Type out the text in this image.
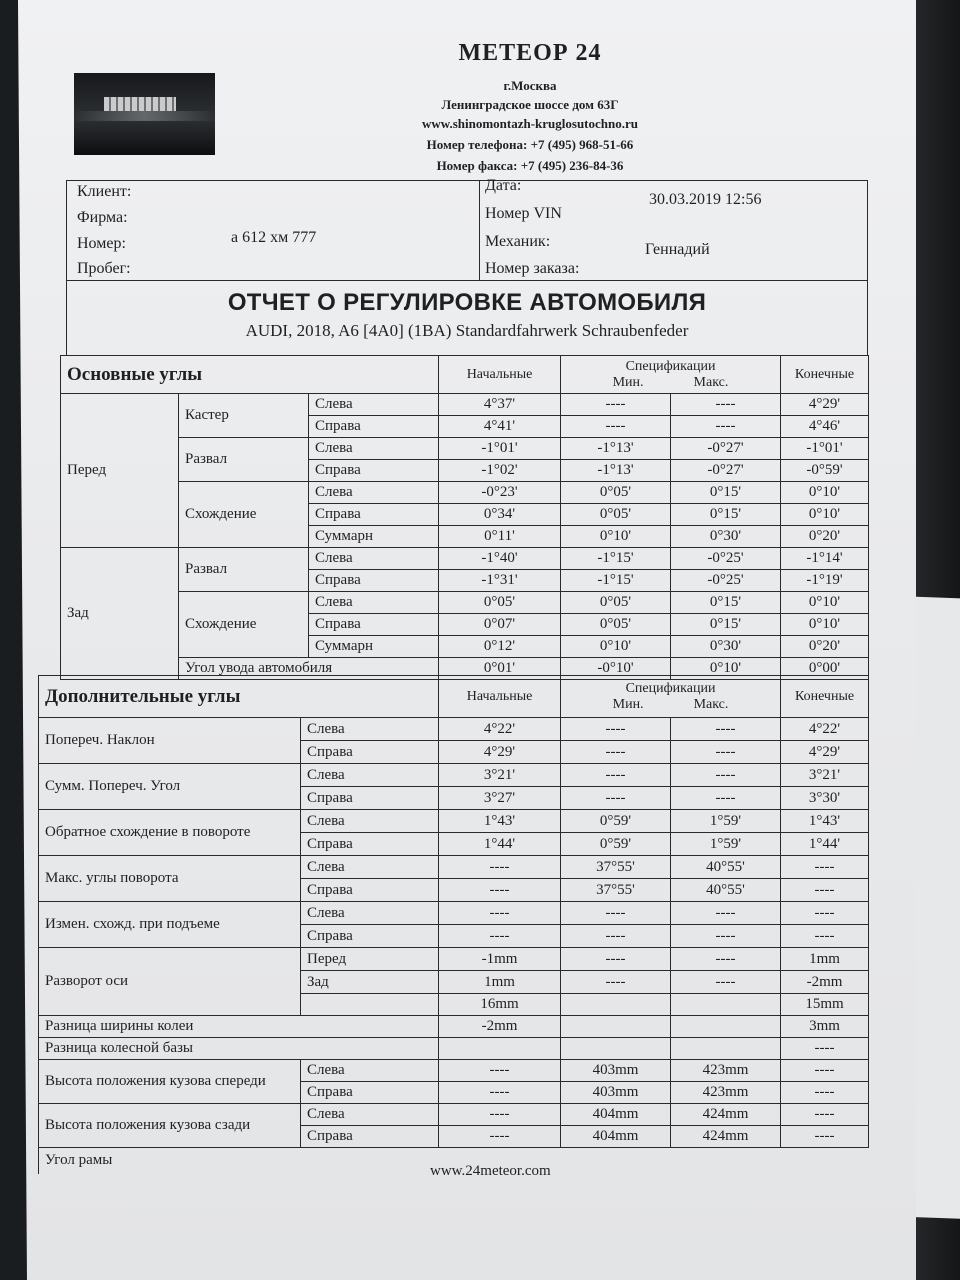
МЕТЕОР 24
г.Москва
Ленинградское шоссе дом 63Г
www.shinomontazh-kruglosutochno.ru
Номер телефона: +7 (495) 968-51-66
Номер факса: +7 (495) 236-84-36
Клиент:
Фирма:
Номер:	а 612 хм 777
Пробег:
Дата:
30.03.2019 12:56
Номер VIN
Механик:	Геннадий
Номер заказа:
ОТЧЕТ О РЕГУЛИРОВКЕ АВТОМОБИЛЯ
AUDI, 2018, A6 [4A0] (1BA) Standardfahrwerk Schraubenfeder
Основные углы			Начальные	Спецификации
Мин. Макс.		Конечные
Перед	Кастер	Слева	4°37'	----	----	4°29'
		Справа	4°41'	----	----	4°46'
	Развал	Слева	-1°01'	-1°13'	-0°27'	-1°01'
		Справа	-1°02'	-1°13'	-0°27'	-0°59'
	Схождение	Слева	-0°23'	0°05'	0°15'	0°10'
		Справа	0°34'	0°05'	0°15'	0°10'
		Суммарн	0°11'	0°10'	0°30'	0°20'
Зад	Развал	Слева	-1°40'	-1°15'	-0°25'	-1°14'
		Справа	-1°31'	-1°15'	-0°25'	-1°19'
	Схождение	Слева	0°05'	0°05'	0°15'	0°10'
		Справа	0°07'	0°05'	0°15'	0°10'
		Суммарн	0°12'	0°10'	0°30'	0°20'
	Угол увода автомобиля		0°01'	-0°10'	0°10'	0°00'
Дополнительные углы		Начальные	Спецификации
Мин. Макс.		Конечные
Попереч. Наклон	Слева	4°22'	----	----	4°22'
	Справа	4°29'	----	----	4°29'
Сумм. Попереч. Угол	Слева	3°21'	----	----	3°21'
	Справа	3°27'	----	----	3°30'
Обратное схождение в повороте	Слева	1°43'	0°59'	1°59'	1°43'
	Справа	1°44'	0°59'	1°59'	1°44'
Макс. углы поворота	Слева	----	37°55'	40°55'	----
	Справа	----	37°55'	40°55'	----
Измен. схожд. при подъеме	Слева	----	----	----	----
	Справа	----	----	----	----
Разворот оси	Перед	-1mm	----	----	1mm
	Зад	1mm	----	----	-2mm
		16mm			15mm
Разница ширины колеи		-2mm			3mm
Разница колесной базы					----
Высота положения кузова спереди	Слева	----	403mm	423mm	----
	Справа	----	403mm	423mm	----
Высота положения кузова сзади	Слева	----	404mm	424mm	----
	Справа	----	404mm	424mm	----
Угол рамы					
www.24meteor.com
